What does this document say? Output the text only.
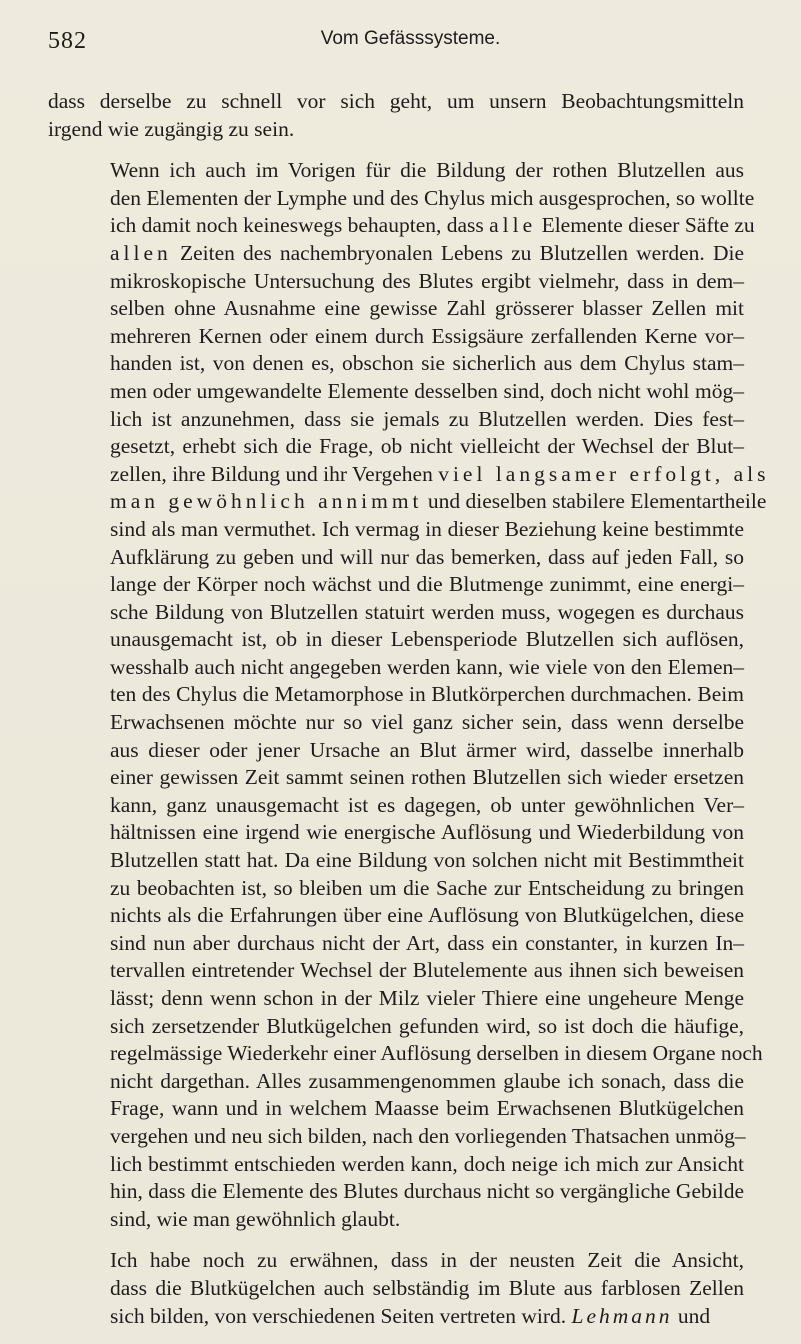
582	Vom Gefässsysteme.
dass derselbe zu schnell vor sich geht, um unsern Beobachtungsmitteln
irgend wie zugängig zu sein.
Wenn ich auch im Vorigen für die Bildung der rothen Blutzellen aus
den Elementen der Lymphe und des Chylus mich ausgesprochen, so wollte
ich damit noch keineswegs behaupten, dass alle Elemente dieser Säfte zu
allen Zeiten des nachembryonalen Lebens zu Blutzellen werden. Die
mikroskopische Untersuchung des Blutes ergibt vielmehr, dass in dem–
selben ohne Ausnahme eine gewisse Zahl grösserer blasser Zellen mit
mehreren Kernen oder einem durch Essigsäure zerfallenden Kerne vor–
handen ist, von denen es, obschon sie sicherlich aus dem Chylus stam–
men oder umgewandelte Elemente desselben sind, doch nicht wohl mög–
lich ist anzunehmen, dass sie jemals zu Blutzellen werden. Dies fest–
gesetzt, erhebt sich die Frage, ob nicht vielleicht der Wechsel der Blut–
zellen, ihre Bildung und ihr Vergehen viel langsamer erfolgt, als
man gewöhnlich annimmt und dieselben stabilere Elementartheile
sind als man vermuthet. Ich vermag in dieser Beziehung keine bestimmte
Aufklärung zu geben und will nur das bemerken, dass auf jeden Fall, so
lange der Körper noch wächst und die Blutmenge zunimmt, eine energi–
sche Bildung von Blutzellen statuirt werden muss, wogegen es durchaus
unausgemacht ist, ob in dieser Lebensperiode Blutzellen sich auflösen,
wesshalb auch nicht angegeben werden kann, wie viele von den Elemen–
ten des Chylus die Metamorphose in Blutkörperchen durchmachen. Beim
Erwachsenen möchte nur so viel ganz sicher sein, dass wenn derselbe
aus dieser oder jener Ursache an Blut ärmer wird, dasselbe innerhalb
einer gewissen Zeit sammt seinen rothen Blutzellen sich wieder ersetzen
kann, ganz unausgemacht ist es dagegen, ob unter gewöhnlichen Ver–
hältnissen eine irgend wie energische Auflösung und Wiederbildung von
Blutzellen statt hat. Da eine Bildung von solchen nicht mit Bestimmtheit
zu beobachten ist, so bleiben um die Sache zur Entscheidung zu bringen
nichts als die Erfahrungen über eine Auflösung von Blutkügelchen, diese
sind nun aber durchaus nicht der Art, dass ein constanter, in kurzen In–
tervallen eintretender Wechsel der Blutelemente aus ihnen sich beweisen
lässt; denn wenn schon in der Milz vieler Thiere eine ungeheure Menge
sich zersetzender Blutkügelchen gefunden wird, so ist doch die häufige,
regelmässige Wiederkehr einer Auflösung derselben in diesem Organe noch
nicht dargethan. Alles zusammengenommen glaube ich sonach, dass die
Frage, wann und in welchem Maasse beim Erwachsenen Blutkügelchen
vergehen und neu sich bilden, nach den vorliegenden Thatsachen unmög–
lich bestimmt entschieden werden kann, doch neige ich mich zur Ansicht
hin, dass die Elemente des Blutes durchaus nicht so vergängliche Gebilde
sind, wie man gewöhnlich glaubt.
Ich habe noch zu erwähnen, dass in der neusten Zeit die Ansicht,
dass die Blutkügelchen auch selbständig im Blute aus farblosen Zellen
sich bilden, von verschiedenen Seiten vertreten wird. Lehmann und
